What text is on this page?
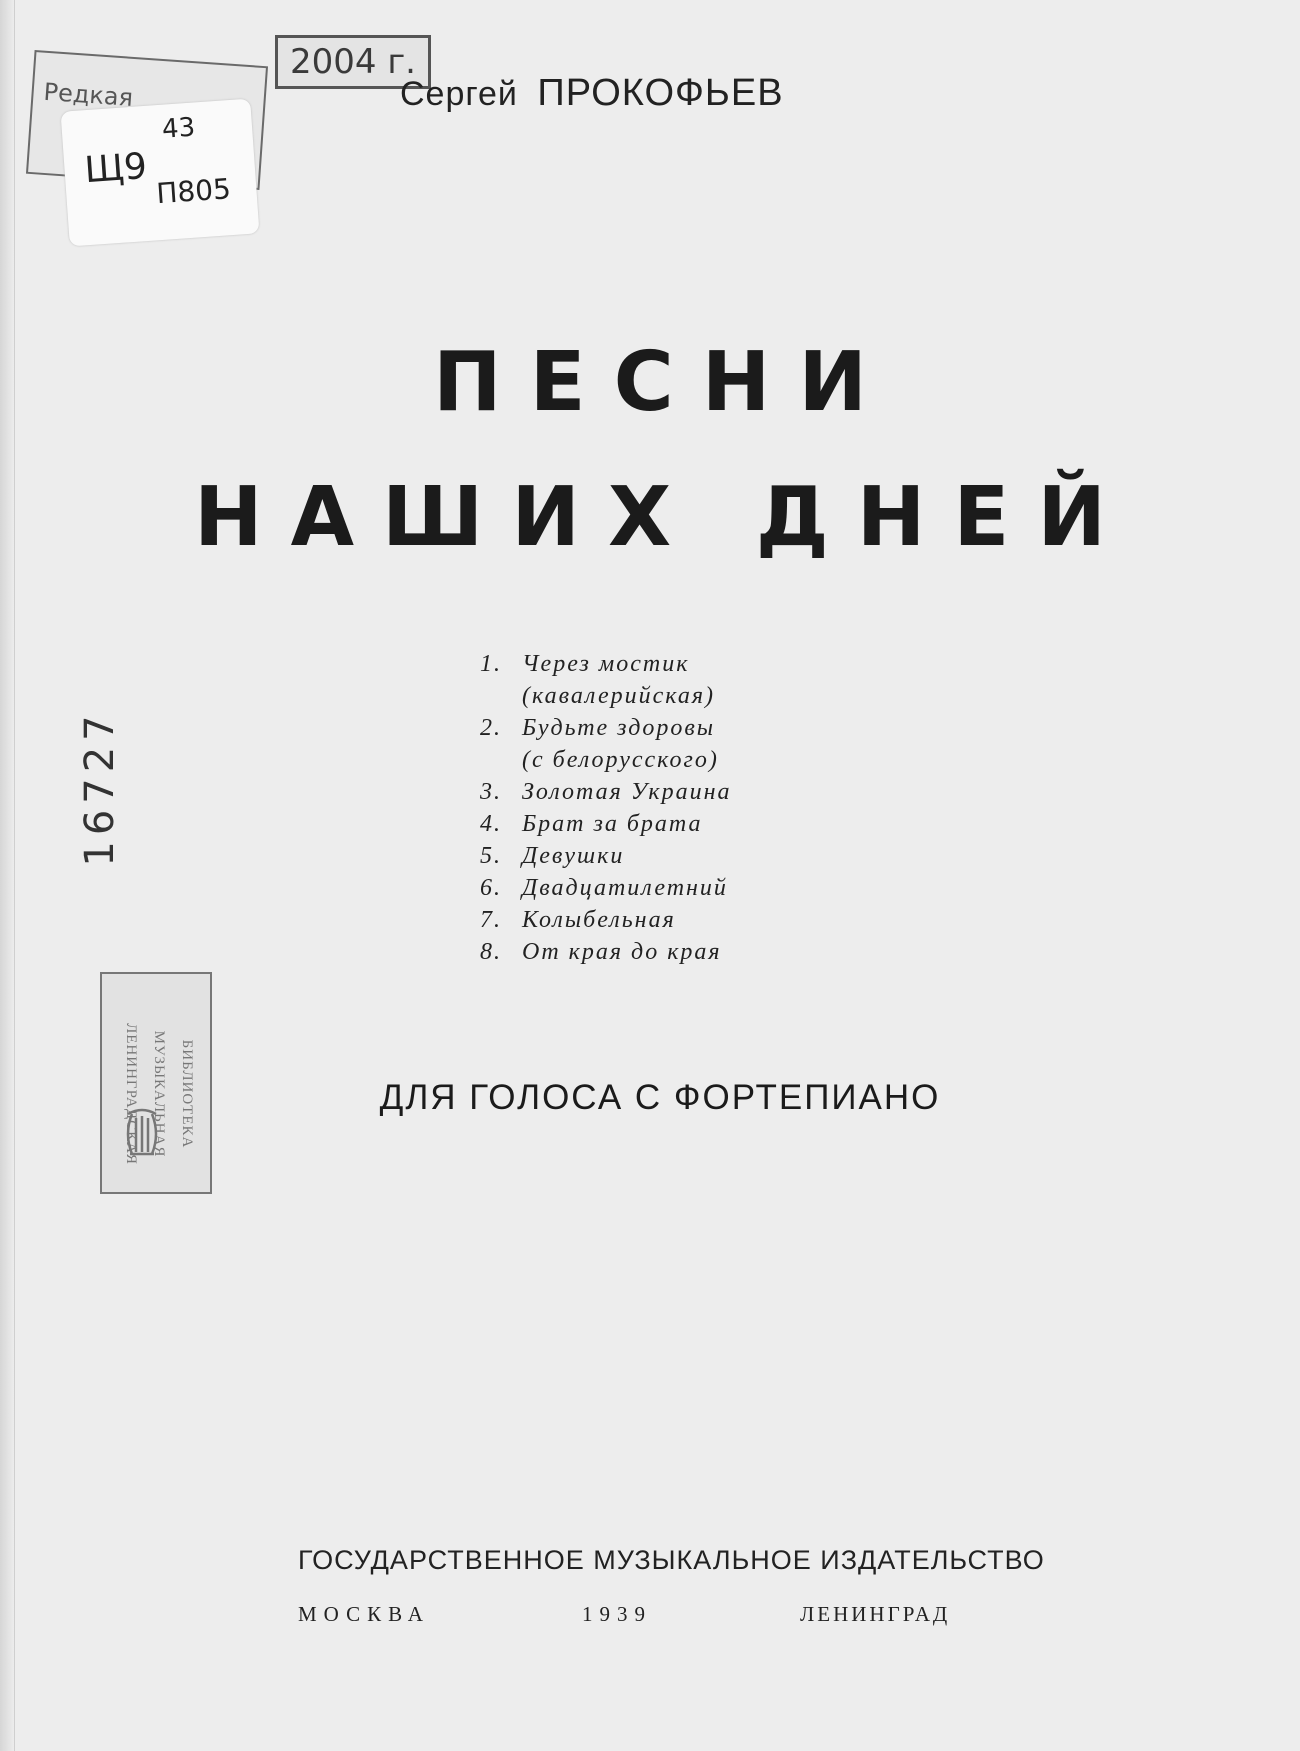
Редкая
2004 г.
Щ9
43
П805
Сергей ПРОКОФЬЕВ
ПЕСНИ
НАШИХ ДНЕЙ
1. Через мостик
(кавалерийская)
2. Будьте здоровы
(с белорусского)
3. Золотая Украина
4. Брат за брата
5. Девушки
6. Двадцатилетний
7. Колыбельная
8. От края до края
16727
ЛЕНИНГРАДСКАЯ МУЗЫКАЛЬНАЯ БИБЛИОТЕКА	ДЛЯ ГОЛОСА С ФОРТЕПИАНО
ГОСУДАРСТВЕННОЕ МУЗЫКАЛЬНОЕ ИЗДАТЕЛЬСТВО
МОСКВА	1939	ЛЕНИНГРАД
